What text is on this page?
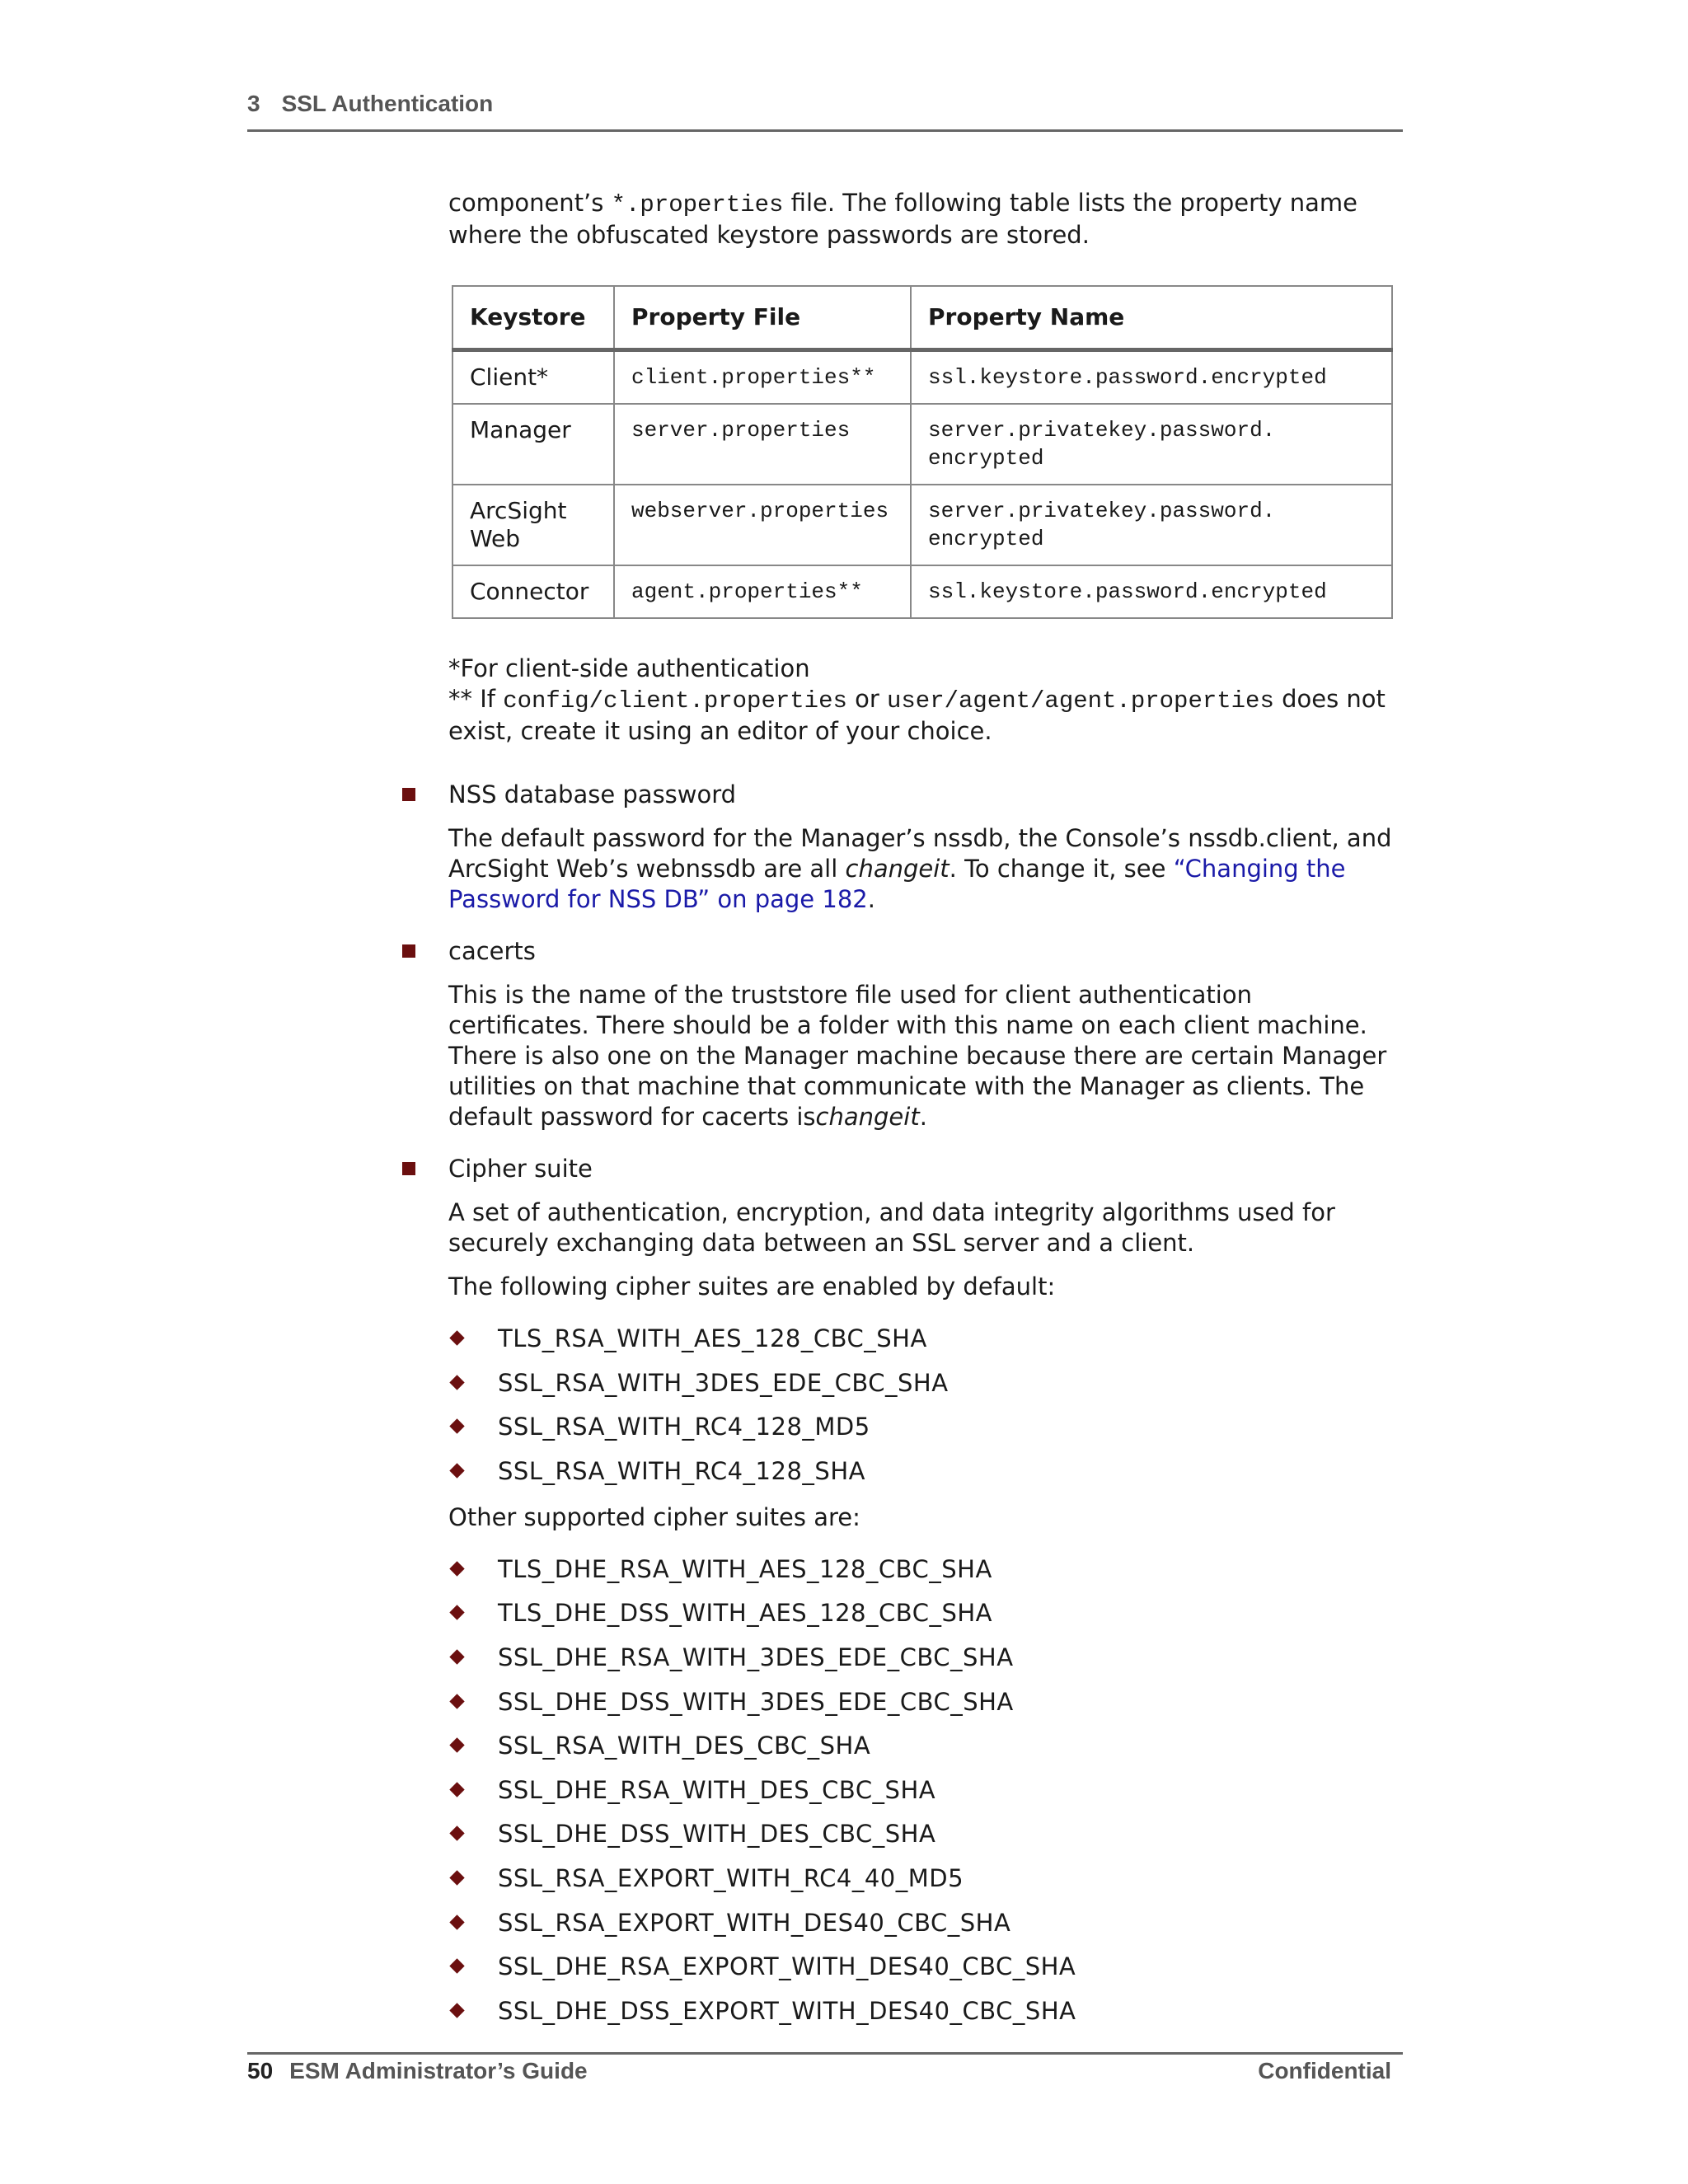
3 SSL Authentication

component’s *.properties file. The following table lists the property name where the obfuscated keystore passwords are stored.

Keystore	Property File	Property Name
Client*	client.properties**	ssl.keystore.password.encrypted
Manager	server.properties	server.privatekey.password.
encrypted
ArcSight Web	webserver.properties	server.privatekey.password.
encrypted
Connector	agent.properties**	ssl.keystore.password.encrypted

*For client-side authentication

** If config/client.properties or user/agent/agent.properties does not exist, create it using an editor of your choice.

NSS database password

The default password for the Manager’s nssdb, the Console’s nssdb.client, and ArcSight Web’s webnssdb are all changeit. To change it, see “Changing the Password for NSS DB” on page 182.

cacerts

This is the name of the truststore file used for client authentication certificates. There should be a folder with this name on each client machine. There is also one on the Manager machine because there are certain Manager utilities on that machine that communicate with the Manager as clients. The default password for cacerts ischangeit.

Cipher suite

A set of authentication, encryption, and data integrity algorithms used for securely exchanging data between an SSL server and a client.

The following cipher suites are enabled by default:

TLS_RSA_WITH_AES_128_CBC_SHA
SSL_RSA_WITH_3DES_EDE_CBC_SHA
SSL_RSA_WITH_RC4_128_MD5
SSL_RSA_WITH_RC4_128_SHA

Other supported cipher suites are:

TLS_DHE_RSA_WITH_AES_128_CBC_SHA
TLS_DHE_DSS_WITH_AES_128_CBC_SHA
SSL_DHE_RSA_WITH_3DES_EDE_CBC_SHA
SSL_DHE_DSS_WITH_3DES_EDE_CBC_SHA
SSL_RSA_WITH_DES_CBC_SHA
SSL_DHE_RSA_WITH_DES_CBC_SHA
SSL_DHE_DSS_WITH_DES_CBC_SHA
SSL_RSA_EXPORT_WITH_RC4_40_MD5
SSL_RSA_EXPORT_WITH_DES40_CBC_SHA
SSL_DHE_RSA_EXPORT_WITH_DES40_CBC_SHA
SSL_DHE_DSS_EXPORT_WITH_DES40_CBC_SHA
50 ESM Administrator’s Guide	Confidential
